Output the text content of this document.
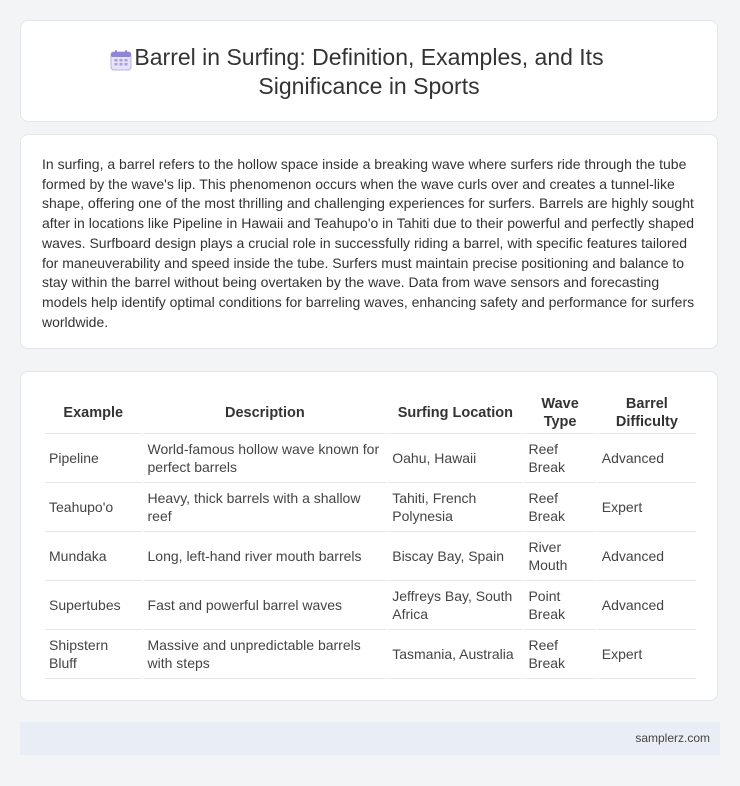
Barrel in Surfing: Definition, Examples, and Its
Significance in Sports

In surfing, a barrel refers to the hollow space inside a breaking wave where surfers ride through the tube formed by the wave's lip. This phenomenon occurs when the wave curls over and creates a tunnel-like shape, offering one of the most thrilling and challenging experiences for surfers. Barrels are highly sought after in locations like Pipeline in Hawaii and Teahupo'o in Tahiti due to their powerful and perfectly shaped waves. Surfboard design plays a crucial role in successfully riding a barrel, with specific features tailored for maneuverability and speed inside the tube. Surfers must maintain precise positioning and balance to stay within the barrel without being overtaken by the wave. Data from wave sensors and forecasting models help identify optimal conditions for barreling waves, enhancing safety and performance for surfers worldwide.

Example	Description	Surfing Location	Wave Type	Barrel Difficulty
Pipeline	World-famous hollow wave known for perfect barrels	Oahu, Hawaii	Reef Break	Advanced
Teahupo'o	Heavy, thick barrels with a shallow reef	Tahiti, French Polynesia	Reef Break	Expert
Mundaka	Long, left-hand river mouth barrels	Biscay Bay, Spain	River Mouth	Advanced
Supertubes	Fast and powerful barrel waves	Jeffreys Bay, South Africa	Point Break	Advanced
Shipstern Bluff	Massive and unpredictable barrels with steps	Tasmania, Australia	Reef Break	Expert
samplerz.com
